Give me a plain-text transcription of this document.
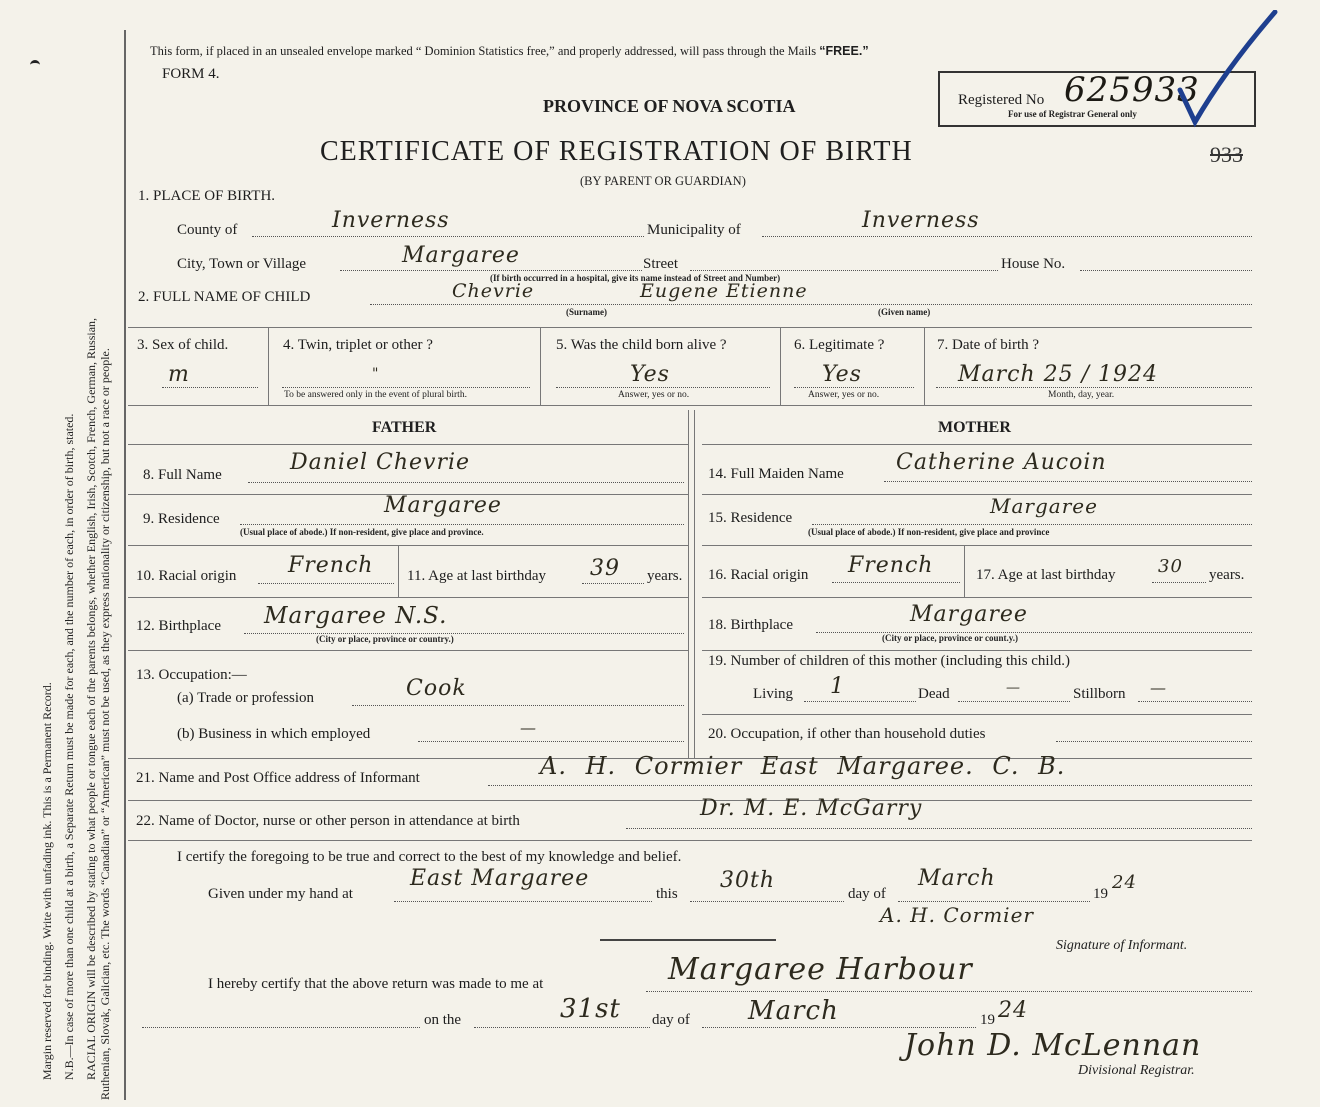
Margin reserved for binding. Write with unfading ink. This is a Permanent Record. N.B.—In case of more than one child at a birth, a Separate Return must be made for each, and the number of each, in order of birth, stated. RACIAL ORIGIN will be described by stating to what people or tongue each of the parents belongs, whether English, Irish, Scotch, French, German, Russian, Ruthenian, Slovak, Galician, etc. The words “Canadian” or “American” must not be used, as they express nationality or citizenship, but not a race or people.
This form, if placed in an unsealed envelope marked “ Dominion Statistics free,” and properly addressed, will pass through the Mails “FREE.”
FORM 4.
PROVINCE OF NOVA SCOTIA
CERTIFICATE OF REGISTRATION OF BIRTH
(BY PARENT OR GUARDIAN)
Registered No 625933
For use of Registrar General only
933
1. PLACE OF BIRTH.
County of	Inverness	Municipality of	Inverness
City, Town or Village	Margaree	Street	House No.
(If birth occurred in a hospital, give its name instead of Street and Number)
2. FULL NAME OF CHILD	Chevrie	Eugene Etienne
(Surname)	(Given name)
3. Sex of child.
m
4. Twin, triplet or other ?
"
To be answered only in the event of plural birth.
5. Was the child born alive ?
Yes
Answer, yes or no.
6. Legitimate ?
Yes
Answer, yes or no.
7. Date of birth ?
March 25 / 1924
Month, day, year.
FATHER	MOTHER
8. Full Name	Daniel Chevrie
9. Residence
Margaree
(Usual place of abode.) If non-resident, give place and province.
10. Racial origin French 11. Age at last birthday 39 years.
12. Birthplace Margaree N.S.
(City or place, province or country.)
13. Occupation:—
(a) Trade or profession	Cook
(b) Business in which employed	—
14. Full Maiden Name Catherine Aucoin
15. Residence	Margaree
(Usual place of abode.) If non-resident, give place and province
16. Racial origin French	17. Age at last birthday 30 years.
18. Birthplace	Margaree
(City or place, province or count.y.)
19. Number of children of this mother (including this child.)
Living 1	Dead	—	Stillborn —
20. Occupation, if other than household duties
21. Name and Post Office address of Informant	A. H. Cormier East Margaree. C. B.
22. Name of Doctor, nurse or other person in attendance at birth	Dr. M. E. McGarry
I certify the foregoing to be true and correct to the best of my knowledge and belief.
Given under my hand at
East Margaree
this
30th
day of
March
19
24
A. H. Cormier
Signature of Informant.
I hereby certify that the above return was made to me at	Margaree Harbour
on the	31st day of March	19 24
John D. McLennan
Divisional Registrar.
